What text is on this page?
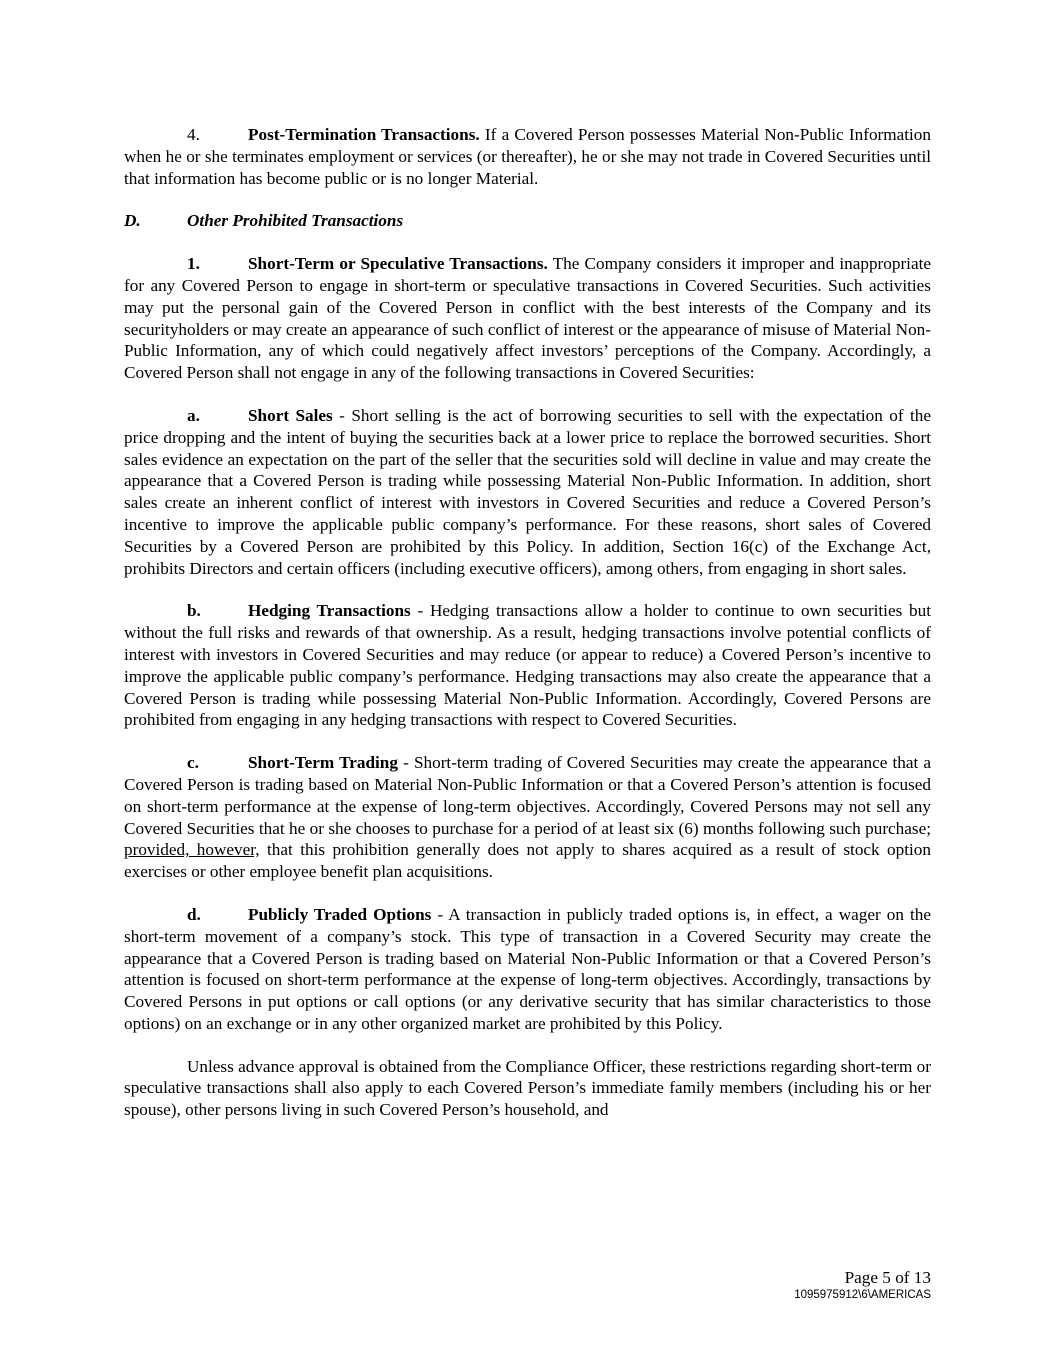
4.	Post-Termination Transactions. If a Covered Person possesses Material Non-Public Information when he or she terminates employment or services (or thereafter), he or she may not trade in Covered Securities until that information has become public or is no longer Material.

D.	Other Prohibited Transactions

1.	Short-Term or Speculative Transactions. The Company considers it improper and inappropriate for any Covered Person to engage in short-term or speculative transactions in Covered Securities. Such activities may put the personal gain of the Covered Person in conflict with the best interests of the Company and its securityholders or may create an appearance of such conflict of interest or the appearance of misuse of Material Non-Public Information, any of which could negatively affect investors’ perceptions of the Company. Accordingly, a Covered Person shall not engage in any of the following transactions in Covered Securities:

a.	Short Sales - Short selling is the act of borrowing securities to sell with the expectation of the price dropping and the intent of buying the securities back at a lower price to replace the borrowed securities. Short sales evidence an expectation on the part of the seller that the securities sold will decline in value and may create the appearance that a Covered Person is trading while possessing Material Non-Public Information. In addition, short sales create an inherent conflict of interest with investors in Covered Securities and reduce a Covered Person’s incentive to improve the applicable public company’s performance. For these reasons, short sales of Covered Securities by a Covered Person are prohibited by this Policy. In addition, Section 16(c) of the Exchange Act, prohibits Directors and certain officers (including executive officers), among others, from engaging in short sales.

b.	Hedging Transactions - Hedging transactions allow a holder to continue to own securities but without the full risks and rewards of that ownership. As a result, hedging transactions involve potential conflicts of interest with investors in Covered Securities and may reduce (or appear to reduce) a Covered Person’s incentive to improve the applicable public company’s performance. Hedging transactions may also create the appearance that a Covered Person is trading while possessing Material Non-Public Information. Accordingly, Covered Persons are prohibited from engaging in any hedging transactions with respect to Covered Securities.

c.	Short-Term Trading - Short-term trading of Covered Securities may create the appearance that a Covered Person is trading based on Material Non-Public Information or that a Covered Person’s attention is focused on short-term performance at the expense of long-term objectives. Accordingly, Covered Persons may not sell any Covered Securities that he or she chooses to purchase for a period of at least six (6) months following such purchase; provided, however, that this prohibition generally does not apply to shares acquired as a result of stock option exercises or other employee benefit plan acquisitions.

d.	Publicly Traded Options - A transaction in publicly traded options is, in effect, a wager on the short-term movement of a company’s stock. This type of transaction in a Covered Security may create the appearance that a Covered Person is trading based on Material Non-Public Information or that a Covered Person’s attention is focused on short-term performance at the expense of long-term objectives. Accordingly, transactions by Covered Persons in put options or call options (or any derivative security that has similar characteristics to those options) on an exchange or in any other organized market are prohibited by this Policy.

Unless advance approval is obtained from the Compliance Officer, these restrictions regarding short-term or speculative transactions shall also apply to each Covered Person’s immediate family members (including his or her spouse), other persons living in such Covered Person’s household, and

Page 5 of 13
1095975912\6\AMERICAS
